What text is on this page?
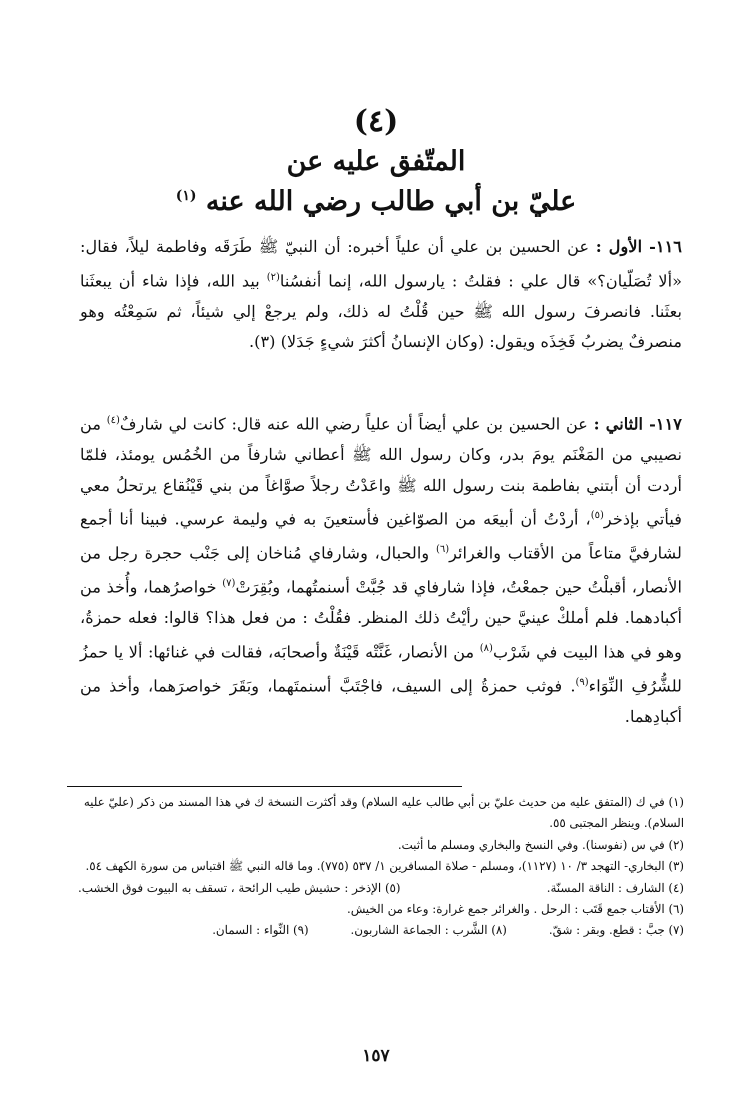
(٤)
المتّفق عليه عن
عليّ بن أبي طالب رضي الله عنه $^{(١)}$
١١٦- الأول : عن الحسين بن علي أن علياً أخبره: أن النبيّ ﷺ طَرَقَه وفاطمة ليلاً، فقال: «ألا تُصَلّيان؟» قال علي : فقلتُ : يارسول الله، إنما أنفسُنا$^{(٢)}$ بيد الله، فإذا شاء أن يبعثَنا بعثَنا. فانصرفَ رسول الله ﷺ حين قُلْتُ له ذلك، ولم يرجعْ إلي شيئاً، ثم سَمِعْتُه وهو منصرفٌ يضربُ فَخِذَه ويقول: (وكان الإنسانُ أكثرَ شيءٍ جَدَلا) (٣).
١١٧- الثاني : عن الحسين بن علي أيضاً أن علياً رضي الله عنه قال: كانت لي شارفٌ$^{(٤)}$ من نصيبي من المَغْنَم يومَ بدر، وكان رسول الله ﷺ أعطاني شارفاً من الخُمُس يومئذ، فلمّا أردت أن أبتني بفاطمة بنت رسول الله ﷺ واعَدْتُ رجلاً صوَّاغاً من بني قَيْنُقاع يرتحلُ معي فيأتي بإذخر$^{(٥)}$، أردْتُ أن أبيعَه من الصوّاغين فأستعينَ به في وليمة عرسي. فبينا أنا أجمع لشارفيَّ متاعاً من الأقتاب والغرائر$^{(٦)}$ والحبال، وشارفاي مُناخان إلى جَنْب حجرة رجل من الأنصار، أقبلْتُ حين جمعْتُ، فإذا شارفاي قد جُبَّتْ أسنمتُهما، وبُقِرَتْ$^{(٧)}$ خواصرُهما، وأُخذ من أكبادهما. فلم أملكْ عينيَّ حين رأيْتُ ذلك المنظر. فقُلْتُ : من فعل هذا؟ قالوا: فعله حمزةُ، وهو في هذا البيت في شَرْب$^{(٨)}$ من الأنصار، غَنَّتْه قَيْنَةٌ وأصحابَه، فقالت في غنائها: ألا يا حمزُ للشُّرُفِ النِّوَاء$^{(٩)}$. فوثب حمزةُ إلى السيف، فاجْتَبَّ أسنمتَهما، وبَقَرَ خواصرَهما، وأخذ من أكبادِهما.

(١) في ك (المتفق عليه من حديث عليّ بن أبي طالب عليه السلام) وقد أكثرت النسخة ك في هذا المسند من ذكر (عليّ عليه السلام). وينظر المجتبى ٥٥.

(٢) في س (نفوسنا). وفي النسخ والبخاري ومسلم ما أثبت.

(٣) البخاري- التهجد ٣/ ١٠ (١١٢٧)، ومسلم - صلاة المسافرين ١/ ٥٣٧ (٧٧٥). وما قاله النبي ﷺ اقتباس من سورة الكهف ٥٤.

(٤) الشارف : الناقة المسنّة.
(٥) الإذخر : حشيش طيب الرائحة ، تسقف به البيوت فوق الخشب.

(٦) الأقتاب جمع قَتَب : الرحل . والغرائر جمع غرارة: وعاء من الخيش.

(٧) جبَّ : قطع. وبقر : شقّ.
(٨) الشَّرب : الجماعة الشاربون.
(٩) النِّواء : السمان.
١٥٧
